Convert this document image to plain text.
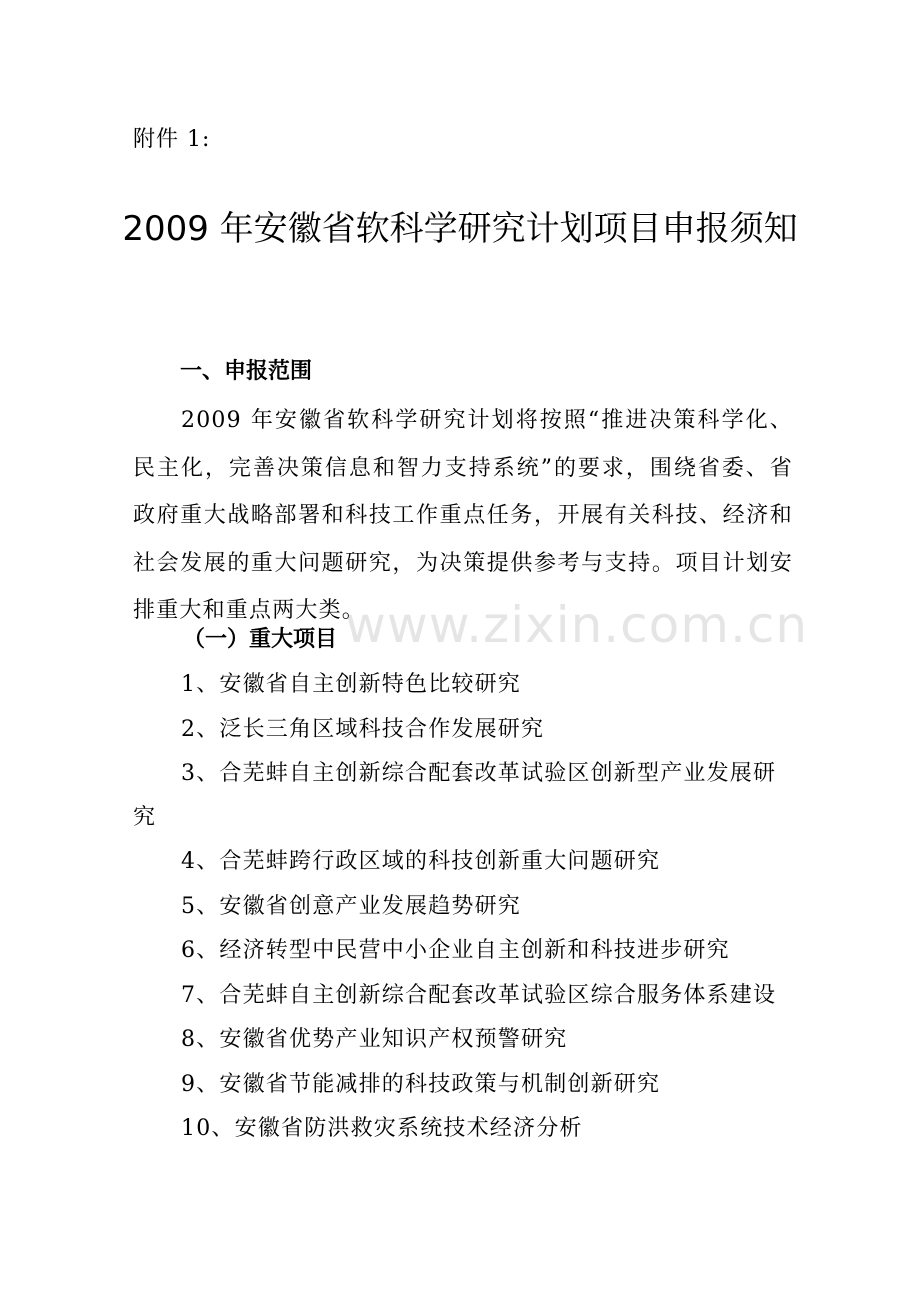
www.zixin.com.cn
附件 1:
2009 年安徽省软科学研究计划项目申报须知
一、申报范围
2009 年安徽省软科学研究计划将按照“推进决策科学化、民主化，完善决策信息和智力支持系统”的要求，围绕省委、省政府重大战略部署和科技工作重点任务，开展有关科技、经济和社会发展的重大问题研究，为决策提供参考与支持。项目计划安排重大和重点两大类。
（一）重大项目
1、安徽省自主创新特色比较研究
2、泛长三角区域科技合作发展研究
3、合芜蚌自主创新综合配套改革试验区创新型产业发展研究
4、合芜蚌跨行政区域的科技创新重大问题研究
5、安徽省创意产业发展趋势研究
6、经济转型中民营中小企业自主创新和科技进步研究
7、合芜蚌自主创新综合配套改革试验区综合服务体系建设
8、安徽省优势产业知识产权预警研究
9、安徽省节能减排的科技政策与机制创新研究
10、安徽省防洪救灾系统技术经济分析
